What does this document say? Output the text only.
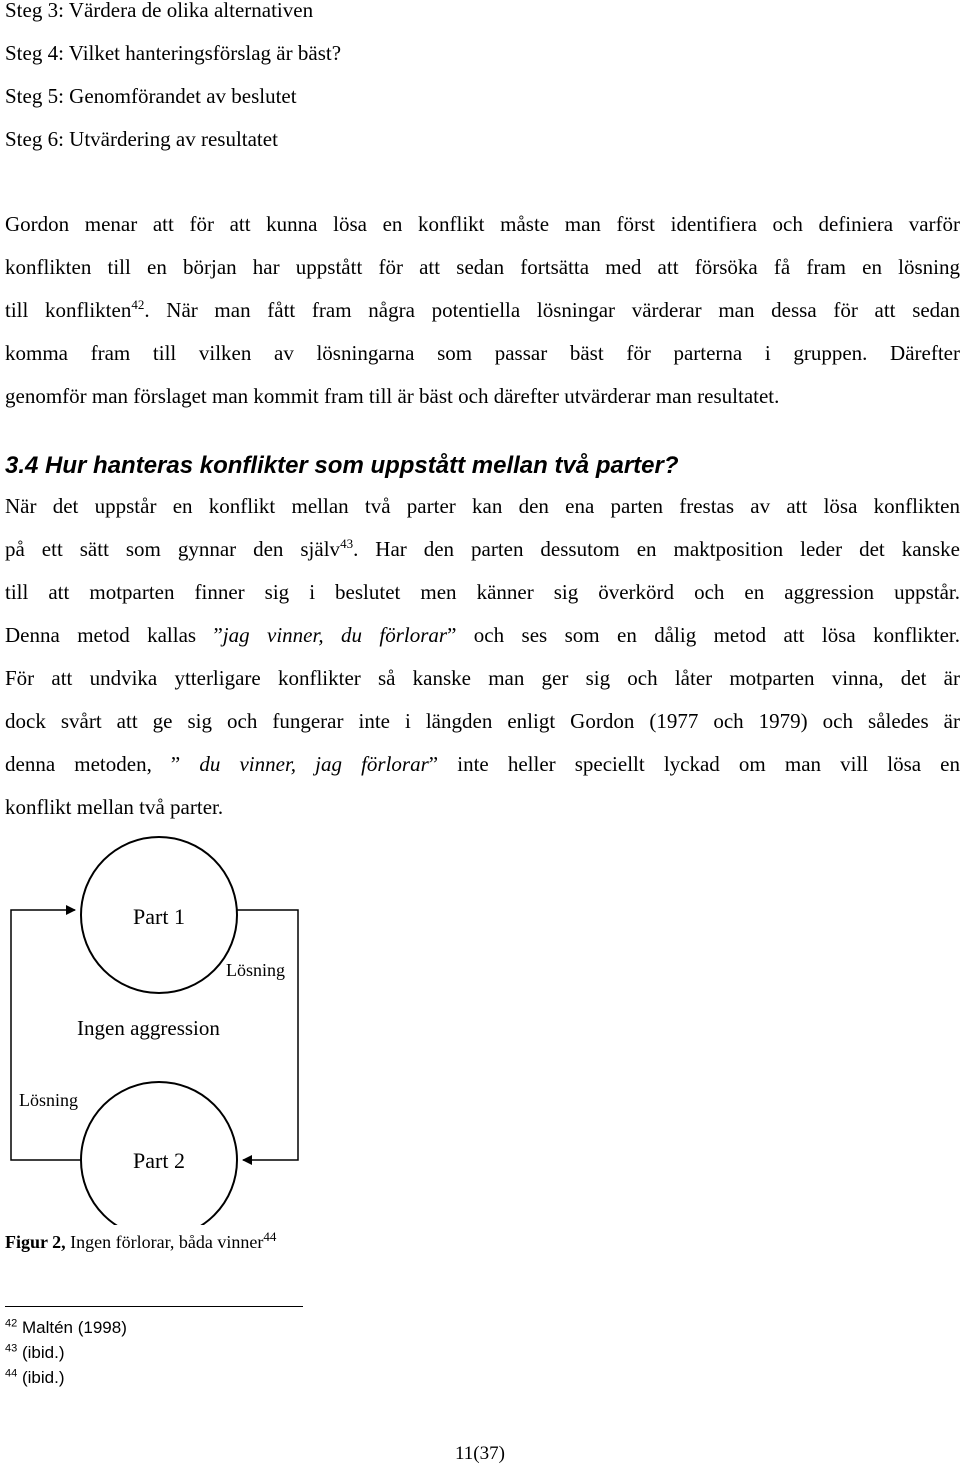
Steg 3: Värdera de olika alternativen
Steg 4: Vilket hanteringsförslag är bäst?
Steg 5: Genomförandet av beslutet
Steg 6: Utvärdering av resultatet
Gordon menar att för att kunna lösa en konflikt måste man först identifiera och definiera varför
konflikten till en början har uppstått för att sedan fortsätta med att försöka få fram en lösning
till konflikten$^{42}$. När man fått fram några potentiella lösningar värderar man dessa för att sedan
komma fram till vilken av lösningarna som passar bäst för parterna i gruppen. Därefter
genomför man förslaget man kommit fram till är bäst och därefter utvärderar man resultatet.
3.4 Hur hanteras konflikter som uppstått mellan två parter?
När det uppstår en konflikt mellan två parter kan den ena parten frestas av att lösa konflikten
på ett sätt som gynnar den själv$^{43}$. Har den parten dessutom en maktposition leder det kanske
till att motparten finner sig i beslutet men känner sig överkörd och en aggression uppstår.
Denna metod kallas ”jag vinner, du förlorar” och ses som en dålig metod att lösa konflikter.
För att undvika ytterligare konflikter så kanske man ger sig och låter motparten vinna, det är
dock svårt att ge sig och fungerar inte i längden enligt Gordon (1977 och 1979) och således är
denna metoden, ” du vinner, jag förlorar” inte heller speciellt lyckad om man vill lösa en
konflikt mellan två parter.
Part 1
Part 2
Lösning
Lösning
Ingen aggression
Figur 2, Ingen förlorar, båda vinner$^{44}$
$^{42}$ Maltén (1998)
$^{43}$ (ibid.)
$^{44}$ (ibid.)
11(37)
